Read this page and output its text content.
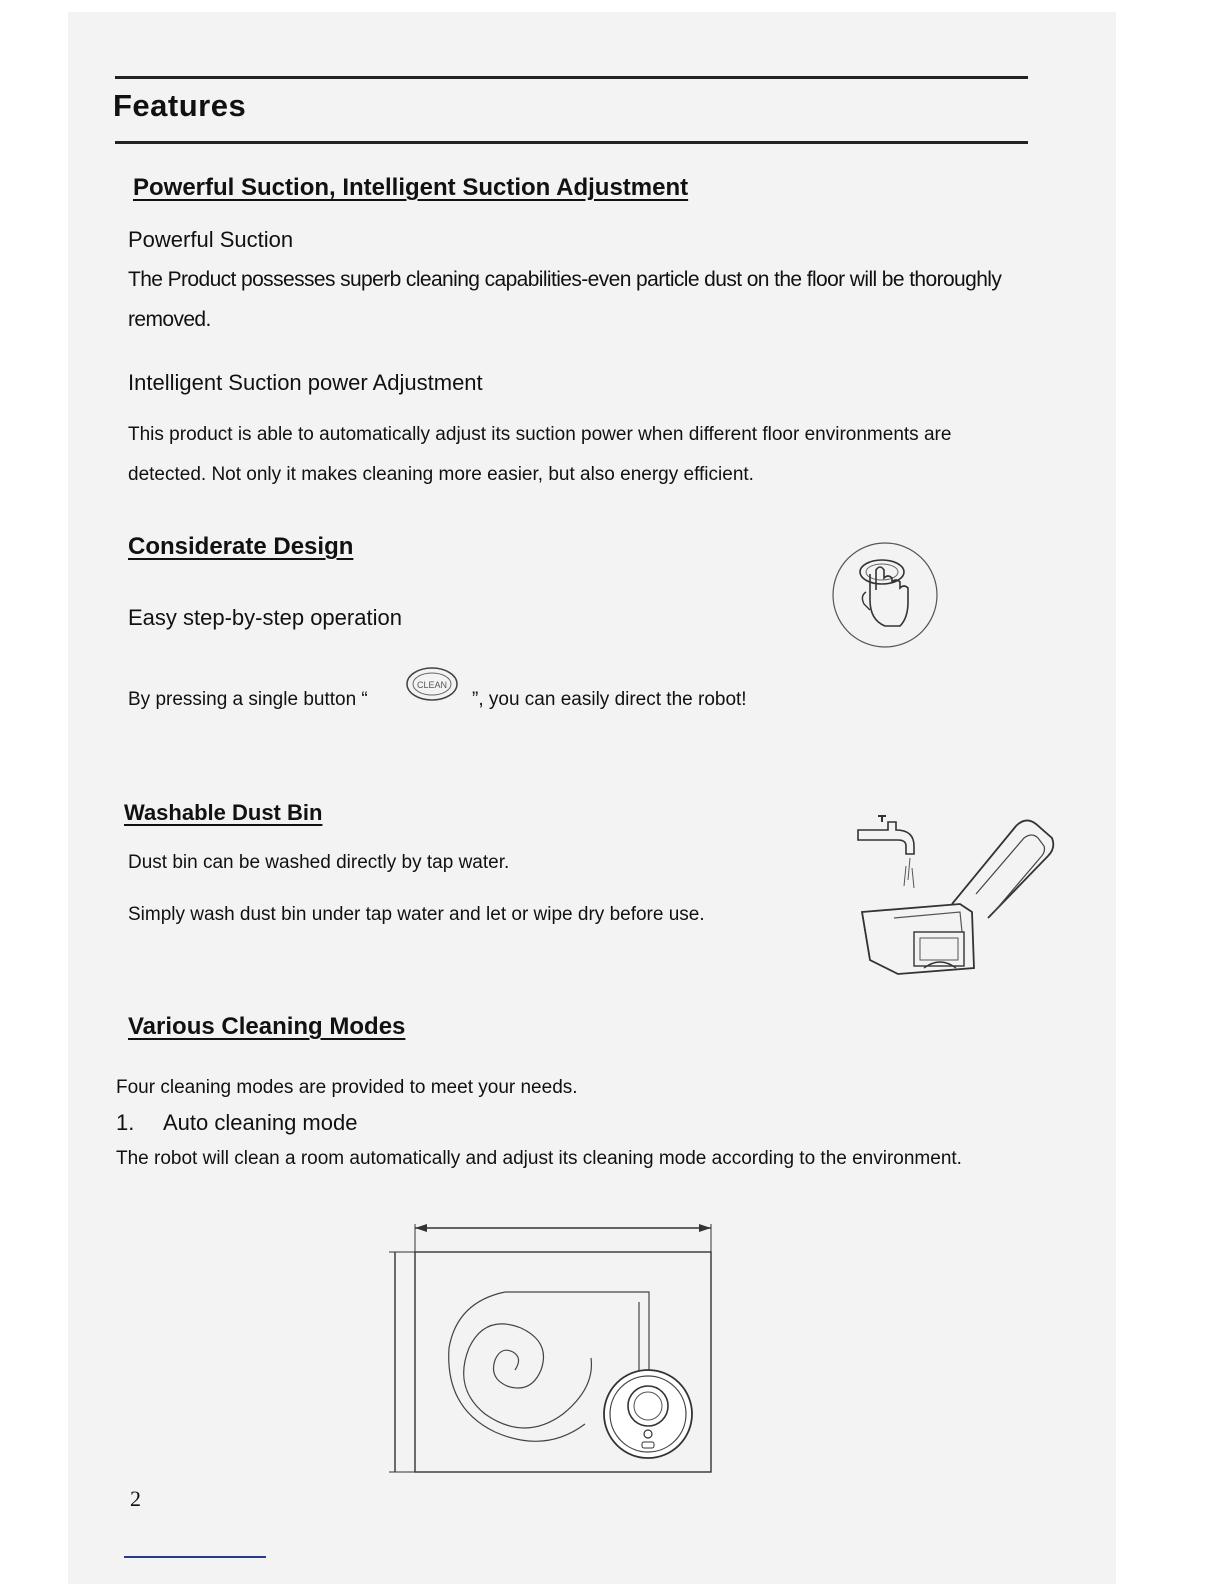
Features
Powerful Suction, Intelligent Suction Adjustment
Powerful Suction
The Product possesses superb cleaning capabilities-even particle dust on the floor will be thoroughly removed.
Intelligent Suction power Adjustment
This product is able to automatically adjust its suction power when different floor environments are
detected. Not only it makes cleaning more easier, but also energy efficient.
Considerate Design
Easy step-by-step operation
By pressing a single button “
CLEAN
”, you can easily direct the robot!
Washable Dust Bin
Dust bin can be washed directly by tap water.
Simply wash dust bin under tap water and let or wipe dry before use.
Various Cleaning Modes
Four cleaning modes are provided to meet your needs.
1. Auto cleaning mode
The robot will clean a room automatically and adjust its cleaning mode according to the environment.
2
